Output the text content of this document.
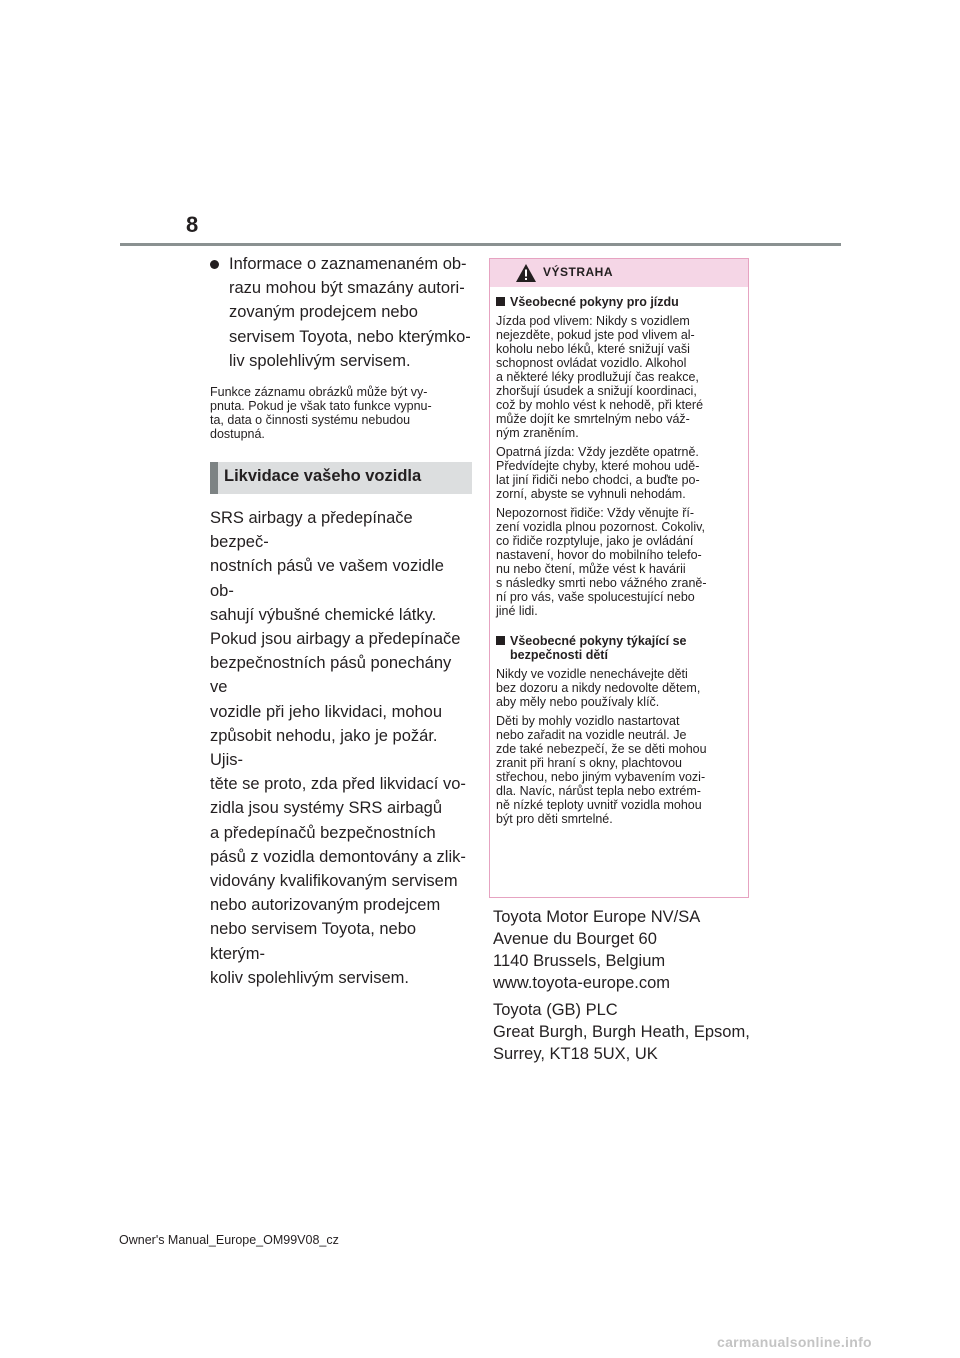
8
Informace o zaznamenaném ob-
razu mohou být smazány autori-
zovaným prodejcem nebo
servisem Toyota, nebo kterýmko-
liv spolehlivým servisem.
Funkce záznamu obrázků může být vy-
pnuta. Pokud je však tato funkce vypnu-
ta, data o činnosti systému nebudou
dostupná.
Likvidace vašeho vozidla
SRS airbagy a předepínače bezpeč-
nostních pásů ve vašem vozidle ob-
sahují výbušné chemické látky.
Pokud jsou airbagy a předepínače
bezpečnostních pásů ponechány ve
vozidle při jeho likvidaci, mohou
způsobit nehodu, jako je požár. Ujis-
těte se proto, zda před likvidací vo-
zidla jsou systémy SRS airbagů
a předepínačů bezpečnostních
pásů z vozidla demontovány a zlik-
vidovány kvalifikovaným servisem
nebo autorizovaným prodejcem
nebo servisem Toyota, nebo kterým-
koliv spolehlivým servisem.
VÝSTRAHA
Všeobecné pokyny pro jízdu
Jízda pod vlivem: Nikdy s vozidlem
nejezděte, pokud jste pod vlivem al-
koholu nebo léků, které snižují vaši
schopnost ovládat vozidlo. Alkohol
a některé léky prodlužují čas reakce,
zhoršují úsudek a snižují koordinaci,
což by mohlo vést k nehodě, při které
může dojít ke smrtelným nebo váž-
ným zraněním.
Opatrná jízda: Vždy jezděte opatrně.
Předvídejte chyby, které mohou udě-
lat jiní řidiči nebo chodci, a buďte po-
zorní, abyste se vyhnuli nehodám.
Nepozornost řidiče: Vždy věnujte ří-
zení vozidla plnou pozornost. Cokoliv,
co řidiče rozptyluje, jako je ovládání
nastavení, hovor do mobilního telefo-
nu nebo čtení, může vést k havárii
s následky smrti nebo vážného zraně-
ní pro vás, vaše spolucestující nebo
jiné lidi.
Všeobecné pokyny týkající se
bezpečnosti dětí
Nikdy ve vozidle nenechávejte děti
bez dozoru a nikdy nedovolte dětem,
aby měly nebo používaly klíč.
Děti by mohly vozidlo nastartovat
nebo zařadit na vozidle neutrál. Je
zde také nebezpečí, že se děti mohou
zranit při hraní s okny, plachtovou
střechou, nebo jiným vybavením vozi-
dla. Navíc, nárůst tepla nebo extrém-
ně nízké teploty uvnitř vozidla mohou
být pro děti smrtelné.
Toyota Motor Europe NV/SA
Avenue du Bourget 60
1140 Brussels, Belgium
www.toyota-europe.com
Toyota (GB) PLC
Great Burgh, Burgh Heath, Epsom,
Surrey, KT18 5UX, UK
Owner's Manual_Europe_OM99V08_cz
carmanualsonline.info
